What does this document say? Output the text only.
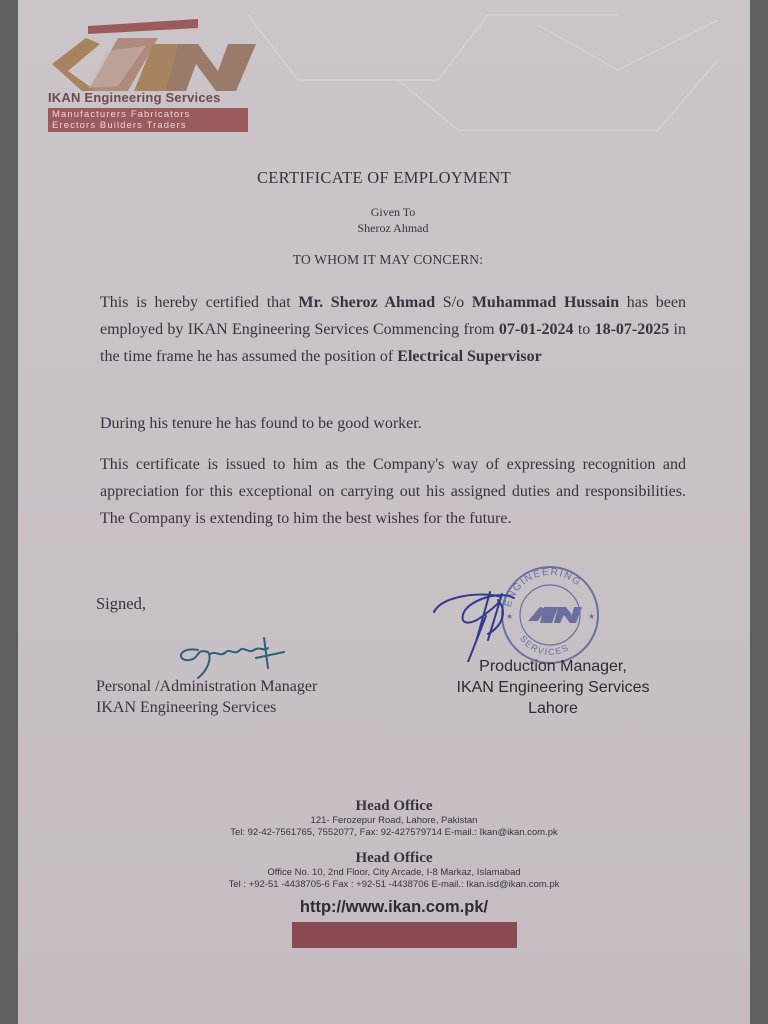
IKAN Engineering Services
Manufacturers Fabricators
Erectors Builders Traders
CERTIFICATE OF EMPLOYMENT
Given To
Sheroz Ahmad
TO WHOM IT MAY CONCERN:
This is hereby certified that Mr. Sheroz Ahmad S/o Muhammad Hussain has been employed by IKAN Engineering Services Commencing from 07-01-2024 to 18-07-2025 in the time frame he has assumed the position of Electrical Supervisor
During his tenure he has found to be good worker.
This certificate is issued to him as the Company's way of expressing recognition and appreciation for this exceptional on carrying out his assigned duties and responsibilities. The Company is extending to him the best wishes for the future.
Signed,	ENGINEERING
SERVICES
★	★
Personal /Administration Manager
IKAN Engineering Services
Production Manager,
IKAN Engineering Services
Lahore
Head Office
121- Ferozepur Road, Lahore, Pakistan
Tel: 92-42-7561765, 7552077, Fax: 92-427579714 E-mail.: Ikan@ikan.com.pk
Head Office
Office No. 10, 2nd Floor, City Arcade, I-8 Markaz, Islamabad
Tel : +92-51 -4438705-6 Fax : +92-51 -4438706 E-mail.: Ikan.isd@ikan.com.pk
http://www.ikan.com.pk/
